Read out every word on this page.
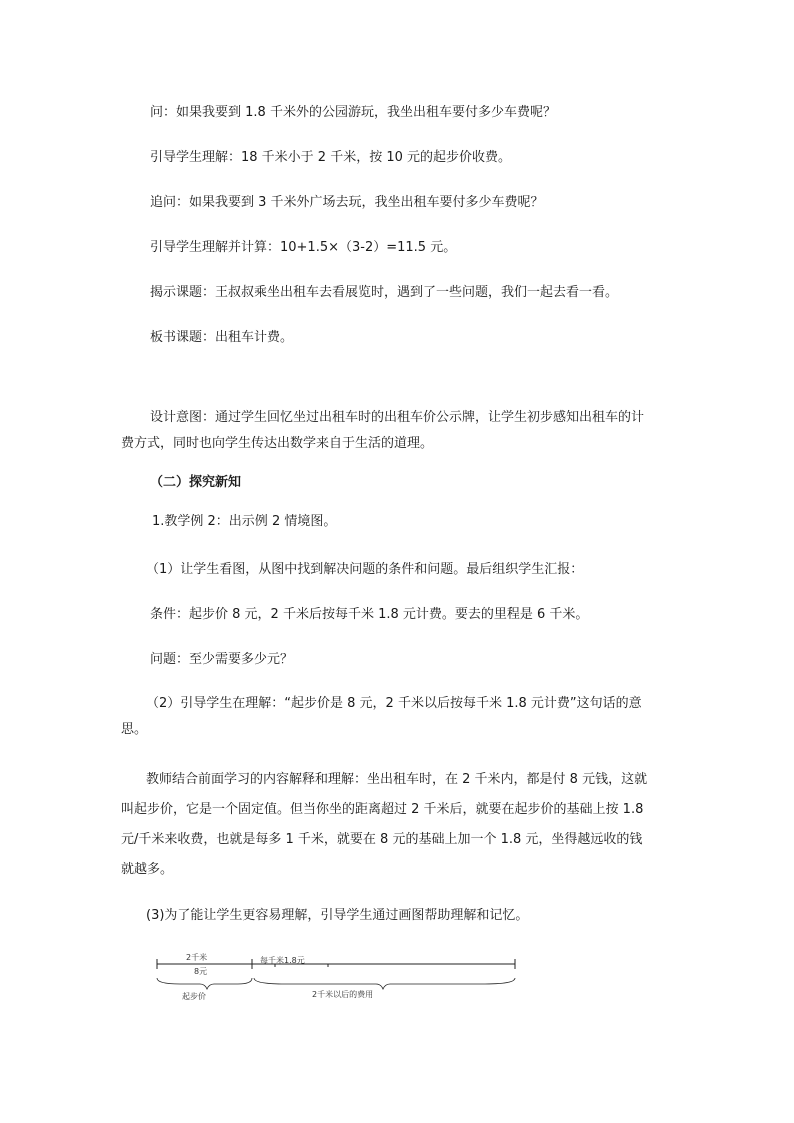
问：如果我要到 1.8 千米外的公园游玩，我坐出租车要付多少车费呢？

引导学生理解：18 千米小于 2 千米，按 10 元的起步价收费。

追问：如果我要到 3 千米外广场去玩，我坐出租车要付多少车费呢？

引导学生理解并计算：10+1.5×（3-2）=11.5 元。

揭示课题：王叔叔乘坐出租车去看展览时，遇到了一些问题，我们一起去看一看。

板书课题：出租车计费。

设计意图：通过学生回忆坐过出租车时的出租车价公示牌，让学生初步感知出租车的计

费方式，同时也向学生传达出数学来自于生活的道理。

（二）探究新知

1.教学例 2：出示例 2 情境图。

（1）让学生看图，从图中找到解决问题的条件和问题。最后组织学生汇报：

条件：起步价 8 元，2 千米后按每千米 1.8 元计费。要去的里程是 6 千米。

问题：至少需要多少元？

（2）引导学生在理解：“起步价是 8 元，2 千米以后按每千米 1.8 元计费”这句话的意

思。

教师结合前面学习的内容解释和理解：坐出租车时，在 2 千米内，都是付 8 元钱，这就

叫起步价，它是一个固定值。但当你坐的距离超过 2 千米后，就要在起步价的基础上按 1.8

元/千米来收费，也就是每多 1 千米，就要在 8 元的基础上加一个 1.8 元，坐得越远收的钱

就越多。

(3)为了能让学生更容易理解，引导学生通过画图帮助理解和记忆。

2千米	每千米1.8元
8元
起步价	2千米以后的费用
